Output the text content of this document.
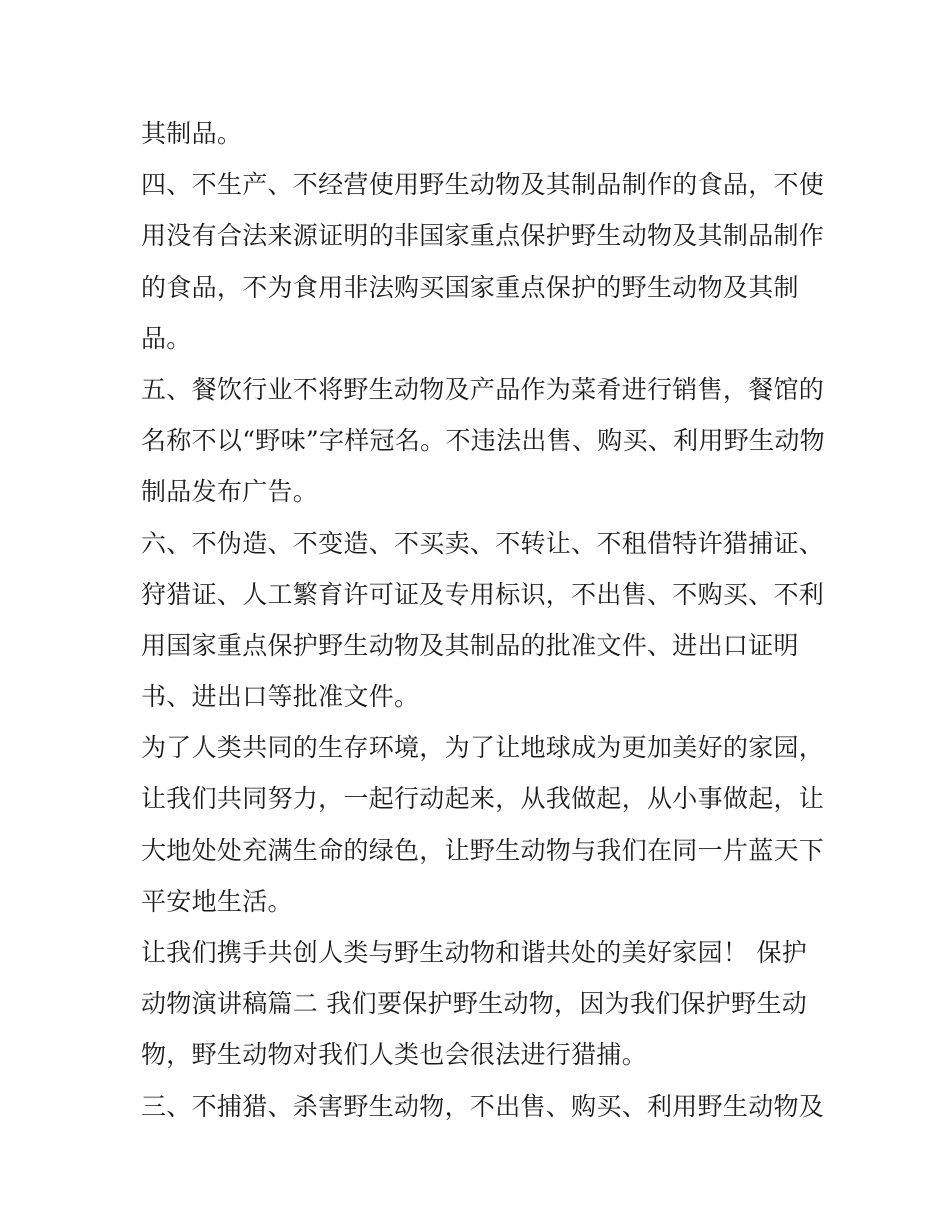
其制品。
四、不生产、不经营使用野生动物及其制品制作的食品，不使
用没有合法来源证明的非国家重点保护野生动物及其制品制作
的食品，不为食用非法购买国家重点保护的野生动物及其制
品。
五、餐饮行业不将野生动物及产品作为菜肴进行销售，餐馆的
名称不以“野味”字样冠名。不违法出售、购买、利用野生动物
制品发布广告。
六、不伪造、不变造、不买卖、不转让、不租借特许猎捕证、
狩猎证、人工繁育许可证及专用标识，不出售、不购买、不利
用国家重点保护野生动物及其制品的批准文件、进出口证明
书、进出口等批准文件。
为了人类共同的生存环境，为了让地球成为更加美好的家园，
让我们共同努力，一起行动起来，从我做起，从小事做起，让
大地处处充满生命的绿色，让野生动物与我们在同一片蓝天下
平安地生活。
让我们携手共创人类与野生动物和谐共处的美好家园！ 保护
动物演讲稿篇二 我们要保护野生动物，因为我们保护野生动
物，野生动物对我们人类也会很法进行猎捕。
三、不捕猎、杀害野生动物，不出售、购买、利用野生动物及
